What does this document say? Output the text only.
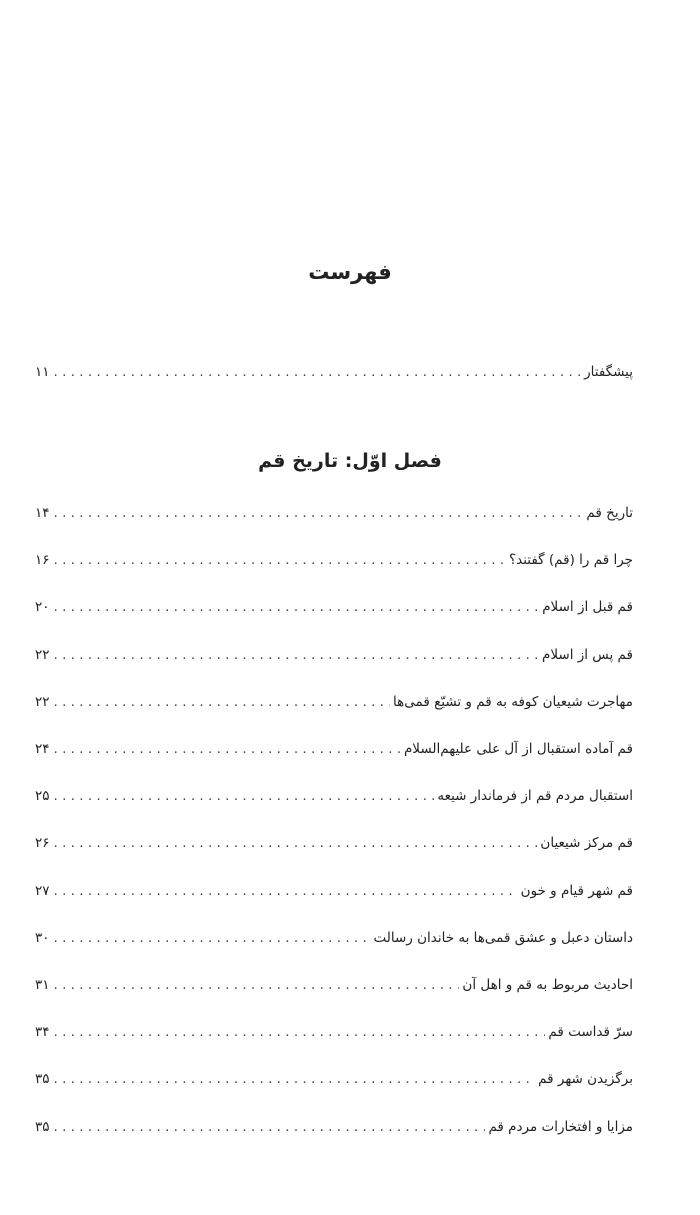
فهرست
پیشگفتار
. . .
۱۱
فصل اوّل: تاریخ قم
تاریخ قم
. . .
۱۴
چرا قم را (قم) گفتند؟
. . .
۱۶
قم قبل از اسلام
. . .
۲۰
قم پس از اسلام
. . .
۲۲
مهاجرت شیعیان کوفه به قم و تشیّع قمی‌ها
. . .
۲۲
قم آماده استقبال از آل علی علیهم‌السلام
. . .
۲۴
استقبال مردم قم از فرماندار شیعه
. . .
۲۵
قم مرکز شیعیان
. . .
۲۶
قم شهر قیام و خون
. . .
۲۷
داستان دعبل و عشق قمی‌ها به خاندان رسالت
. . .
۳۰
احادیث مربوط به قم و اهل آن
. . .
۳۱
سرّ قداست قم
. . .
۳۴
برگزیدن شهر قم
. . .
۳۵
مزایا و افتخارات مردم قم
. . .
۳۵
